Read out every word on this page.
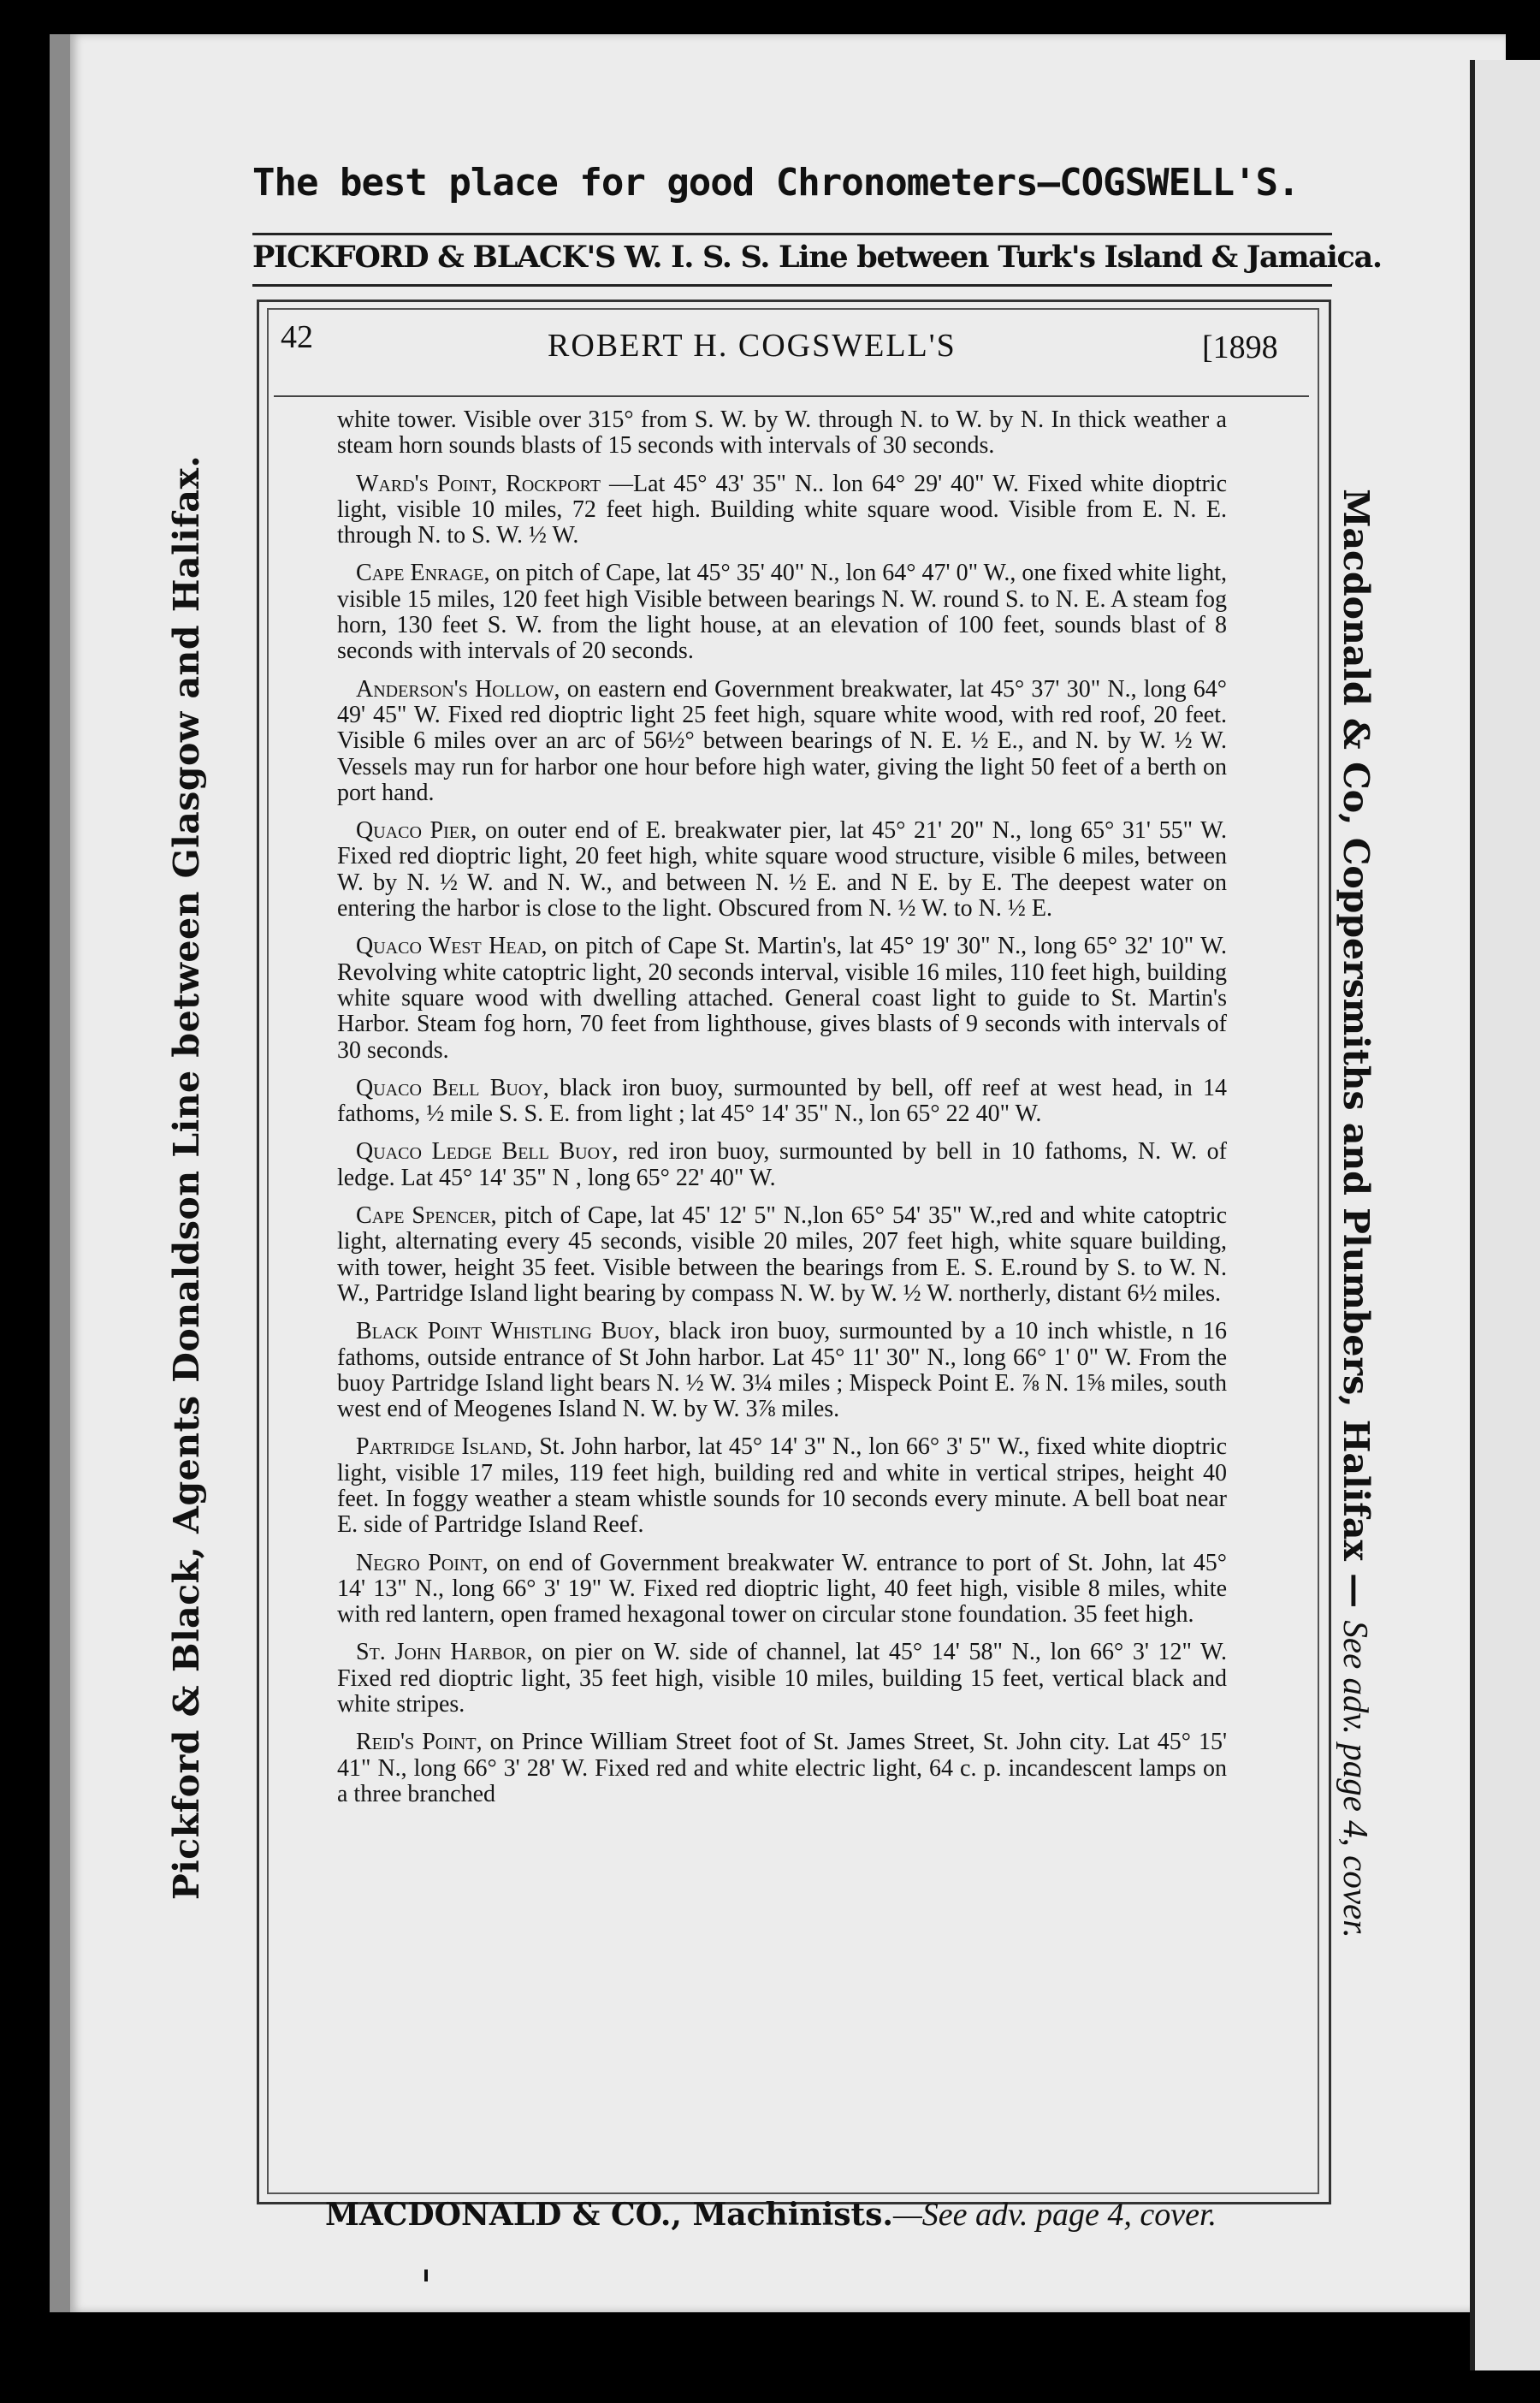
The best place for good Chronometers—COGSWELL'S.
PICKFORD & BLACK'S W. I. S. S. Line between Turk's Island & Jamaica.
Pickford & Black, Agents Donaldson Line between Glasgow and Halifax.	Macdonald & Co, Coppersmiths and Plumbers, Halifax — See adv. page 4, cover.
42	ROBERT H. COGSWELL'S	[1898

white tower. Visible over 315° from S. W. by W. through N. to W. by N. In thick weather a steam horn sounds blasts of 15 seconds with intervals of 30 seconds.

Ward's Point, Rockport —Lat 45° 43' 35" N.. lon 64° 29' 40" W. Fixed white dioptric light, visible 10 miles, 72 feet high. Building white square wood. Visible from E. N. E. through N. to S. W. ½ W.

Cape Enrage, on pitch of Cape, lat 45° 35' 40" N., lon 64° 47' 0" W., one fixed white light, visible 15 miles, 120 feet high Visible between bearings N. W. round S. to N. E. A steam fog horn, 130 feet S. W. from the light house, at an elevation of 100 feet, sounds blast of 8 seconds with intervals of 20 seconds.

Anderson's Hollow, on eastern end Government breakwater, lat 45° 37' 30" N., long 64° 49' 45" W. Fixed red dioptric light 25 feet high, square white wood, with red roof, 20 feet. Visible 6 miles over an arc of 56½° between bearings of N. E. ½ E., and N. by W. ½ W. Vessels may run for harbor one hour before high water, giving the light 50 feet of a berth on port hand.

Quaco Pier, on outer end of E. breakwater pier, lat 45° 21' 20" N., long 65° 31' 55" W. Fixed red dioptric light, 20 feet high, white square wood structure, visible 6 miles, between W. by N. ½ W. and N. W., and between N. ½ E. and N E. by E. The deepest water on entering the harbor is close to the light. Obscured from N. ½ W. to N. ½ E.

Quaco West Head, on pitch of Cape St. Martin's, lat 45° 19' 30" N., long 65° 32' 10" W. Revolving white catoptric light, 20 seconds interval, visible 16 miles, 110 feet high, building white square wood with dwelling attached. General coast light to guide to St. Martin's Harbor. Steam fog horn, 70 feet from lighthouse, gives blasts of 9 seconds with intervals of 30 seconds.

Quaco Bell Buoy, black iron buoy, surmounted by bell, off reef at west head, in 14 fathoms, ½ mile S. S. E. from light ; lat 45° 14' 35" N., lon 65° 22 40" W.

Quaco Ledge Bell Buoy, red iron buoy, surmounted by bell in 10 fathoms, N. W. of ledge. Lat 45° 14' 35" N , long 65° 22' 40" W.

Cape Spencer, pitch of Cape, lat 45' 12' 5" N.,lon 65° 54' 35" W.,red and white catoptric light, alternating every 45 seconds, visible 20 miles, 207 feet high, white square building, with tower, height 35 feet. Visible between the bearings from E. S. E.round by S. to W. N. W., Partridge Island light bearing by compass N. W. by W. ½ W. northerly, distant 6½ miles.

Black Point Whistling Buoy, black iron buoy, surmounted by a 10 inch whistle, n 16 fathoms, outside entrance of St John harbor. Lat 45° 11' 30" N., long 66° 1' 0" W. From the buoy Partridge Island light bears N. ½ W. 3¼ miles ; Mispeck Point E. ⅞ N. 1⅝ miles, south west end of Meogenes Island N. W. by W. 3⅞ miles.

Partridge Island, St. John harbor, lat 45° 14' 3" N., lon 66° 3' 5" W., fixed white dioptric light, visible 17 miles, 119 feet high, building red and white in vertical stripes, height 40 feet. In foggy weather a steam whistle sounds for 10 seconds every minute. A bell boat near E. side of Partridge Island Reef.

Negro Point, on end of Government breakwater W. entrance to port of St. John, lat 45° 14' 13" N., long 66° 3' 19" W. Fixed red dioptric light, 40 feet high, visible 8 miles, white with red lantern, open framed hexagonal tower on circular stone foundation. 35 feet high.

St. John Harbor, on pier on W. side of channel, lat 45° 14' 58" N., lon 66° 3' 12" W. Fixed red dioptric light, 35 feet high, visible 10 miles, building 15 feet, vertical black and white stripes.

Reid's Point, on Prince William Street foot of St. James Street, St. John city. Lat 45° 15' 41" N., long 66° 3' 28' W. Fixed red and white electric light, 64 c. p. incandescent lamps on a three branched

MACDONALD & CO., Machinists.—See adv. page 4, cover.
